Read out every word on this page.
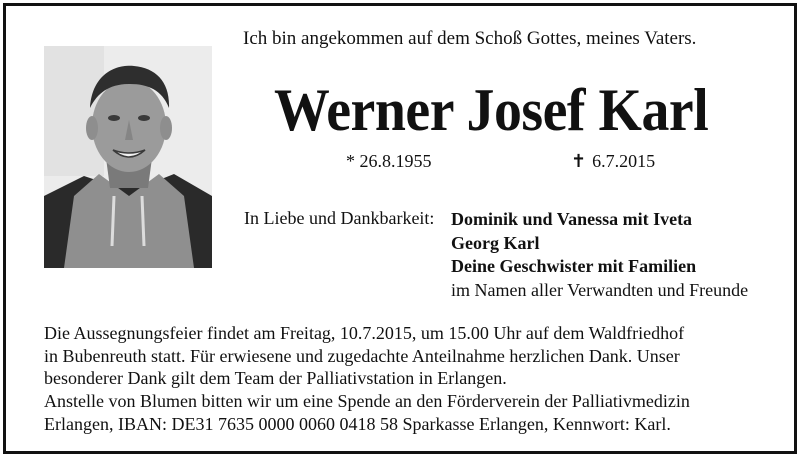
Ich bin angekommen auf dem Schoß Gottes, meines Vaters.
Werner Josef Karl
* 26.8.1955	✝ 6.7.2015
In Liebe und Dankbarkeit: Dominik und Vanessa mit Iveta
Georg Karl
Deine Geschwister mit Familien
im Namen aller Verwandten und Freunde
Die Aussegnungsfeier findet am Freitag, 10.7.2015, um 15.00 Uhr auf dem Waldfriedhof
in Bubenreuth statt. Für erwiesene und zugedachte Anteilnahme herzlichen Dank. Unser
besonderer Dank gilt dem Team der Palliativstation in Erlangen.
Anstelle von Blumen bitten wir um eine Spende an den Förderverein der Palliativmedizin
Erlangen, IBAN: DE31 7635 0000 0060 0418 58 Sparkasse Erlangen, Kennwort: Karl.
